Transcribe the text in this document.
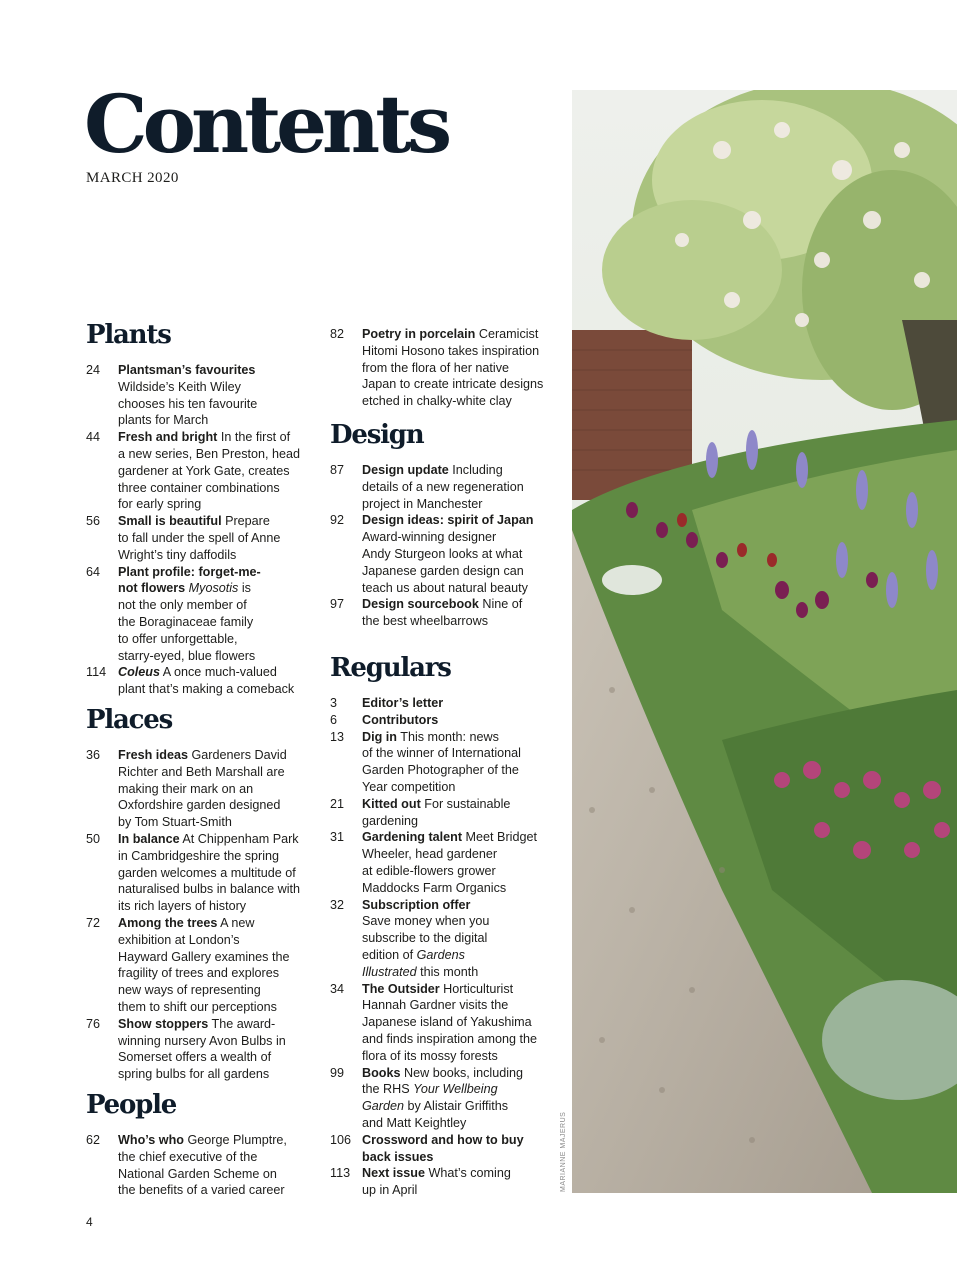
Contents
MARCH 2020
Plants
24	Plantsman’s favourites
Wildside’s Keith Wiley
chooses his ten favourite
plants for March
44	Fresh and bright In the first of
a new series, Ben Preston, head
gardener at York Gate, creates
three container combinations
for early spring
56	Small is beautiful Prepare
to fall under the spell of Anne
Wright’s tiny daffodils
64	Plant profile: forget-me-
not flowers Myosotis is
not the only member of
the Boraginaceae family
to offer unforgettable,
starry-eyed, blue flowers
114 Coleus A once much-valued
plant that’s making a comeback
Places
36	Fresh ideas Gardeners David
Richter and Beth Marshall are
making their mark on an
Oxfordshire garden designed
by Tom Stuart-Smith
50	In balance At Chippenham Park
in Cambridgeshire the spring
garden welcomes a multitude of
naturalised bulbs in balance with
its rich layers of history
72	Among the trees A new
exhibition at London’s
Hayward Gallery examines the
fragility of trees and explores
new ways of representing
them to shift our perceptions
76	Show stoppers The award-
winning nursery Avon Bulbs in
Somerset offers a wealth of
spring bulbs for all gardens
People
62	Who’s who George Plumptre,
the chief executive of the
National Garden Scheme on
the benefits of a varied career
82	Poetry in porcelain Ceramicist
Hitomi Hosono takes inspiration
from the flora of her native
Japan to create intricate designs
etched in chalky-white clay
Design
87	Design update Including
details of a new regeneration
project in Manchester
92	Design ideas: spirit of Japan
Award-winning designer
Andy Sturgeon looks at what
Japanese garden design can
teach us about natural beauty
97	Design sourcebook Nine of
the best wheelbarrows
Regulars
3	Editor’s letter
6	Contributors
13	Dig in This month: news
of the winner of International
Garden Photographer of the
Year competition
21	Kitted out For sustainable
gardening
31	Gardening talent Meet Bridget
Wheeler, head gardener
at edible-flowers grower
Maddocks Farm Organics
32	Subscription offer
Save money when you
subscribe to the digital
edition of Gardens
Illustrated this month
34	The Outsider Horticulturist
Hannah Gardner visits the
Japanese island of Yakushima
and finds inspiration among the
flora of its mossy forests
99	Books New books, including
the RHS Your Wellbeing
Garden by Alistair Griffiths
and Matt Keightley
106 Crossword and how to buy
back issues
113 Next issue What’s coming
up in April	MARIANNE MAJERUS
4
